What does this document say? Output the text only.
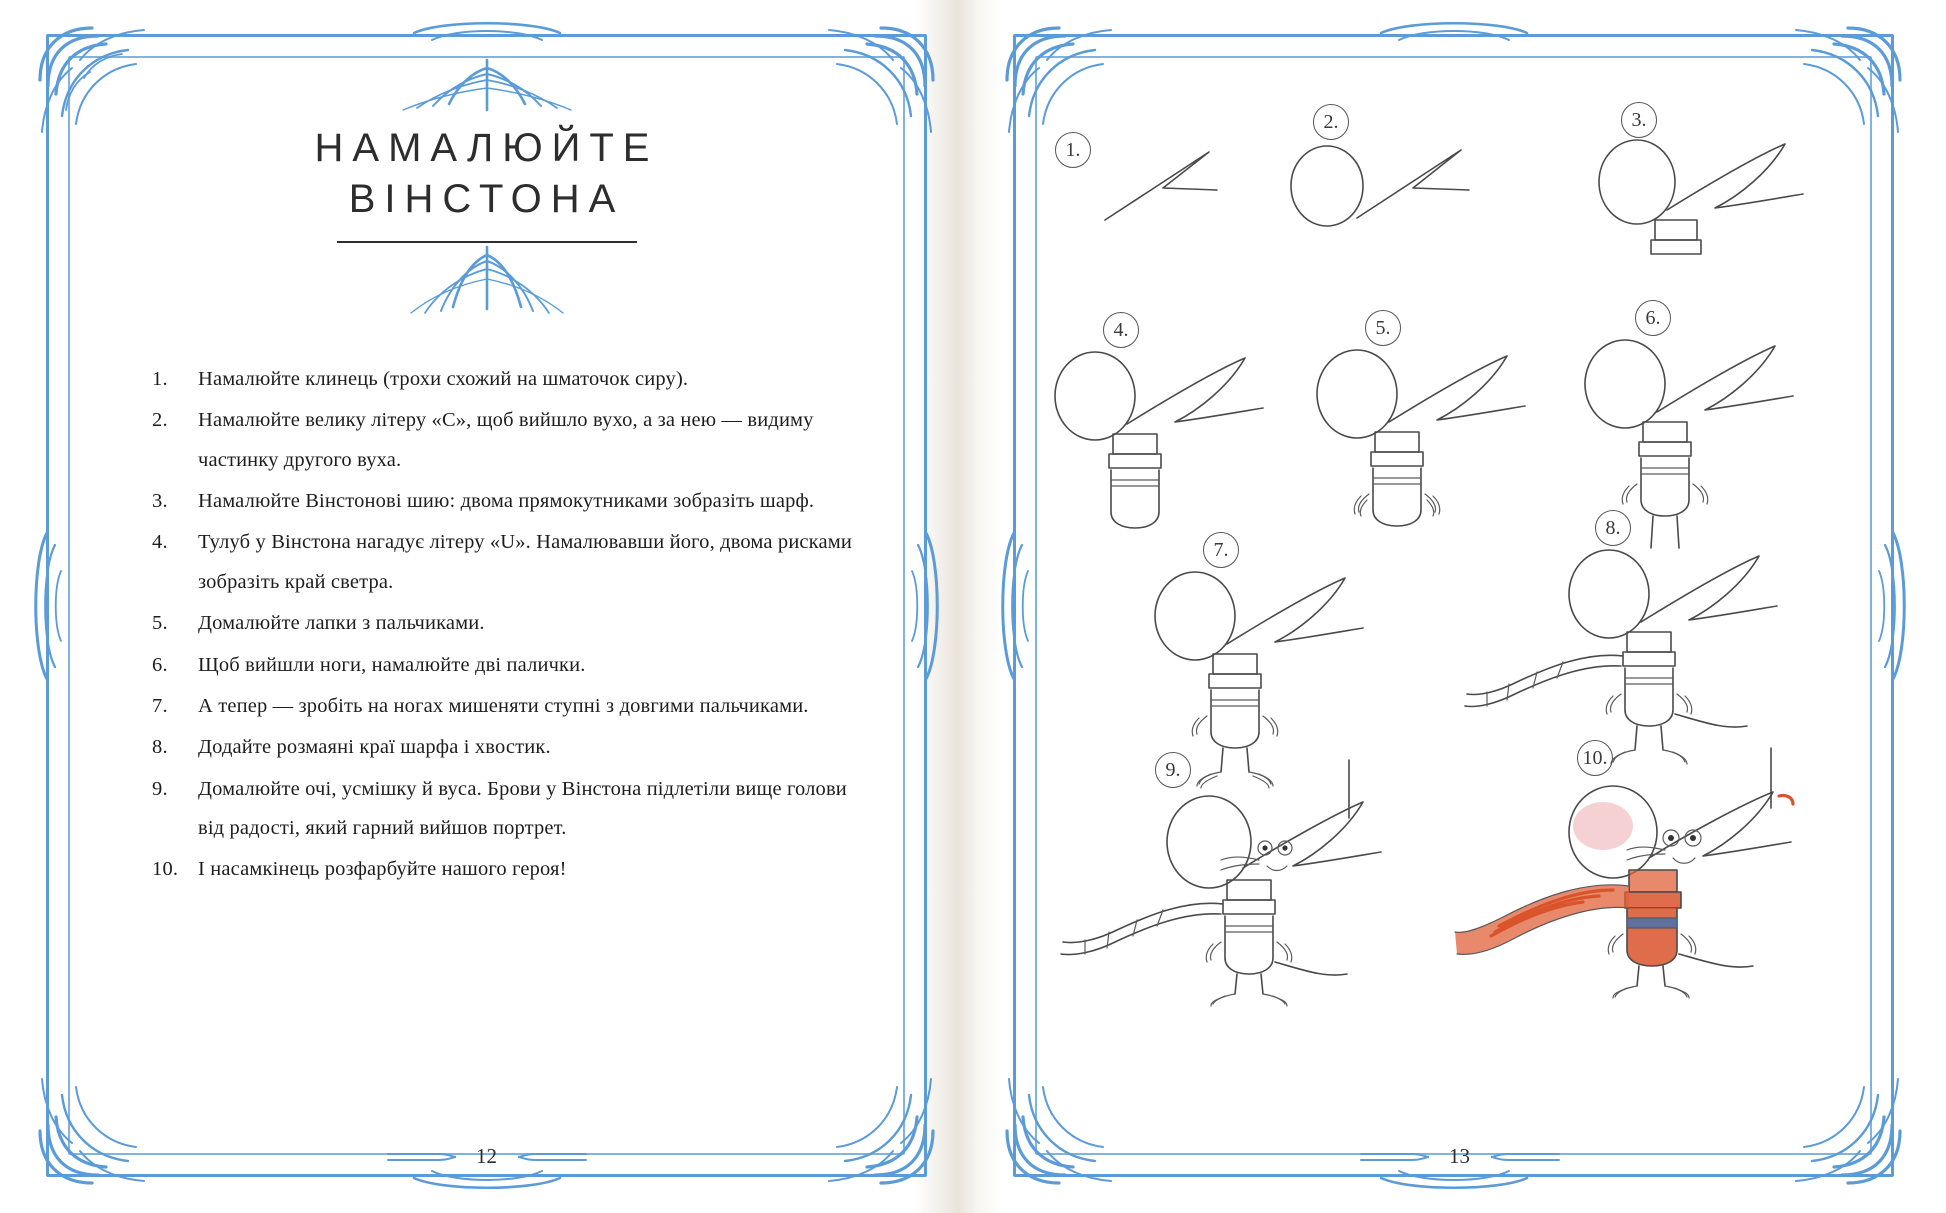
НАМАЛЮЙТЕ
ВІНСТОНА
1.	Намалюйте клинець (трохи схожий на шматочок сиру).
2.	Намалюйте велику літеру «C», щоб вийшло вухо, а за нею — видиму частинку другого вуха.
3.	Намалюйте Вінстонові шию: двома прямокутниками зобразіть шарф.
4.	Тулуб у Вінстона нагадує літеру «U». Намалювавши його, двома рисками зобразіть край светра.
5.	Домалюйте лапки з пальчиками.
6.	Щоб вийшли ноги, намалюйте дві палички.
7.	А тепер — зробіть на ногах мишеняти ступні з довгими пальчиками.
8.	Додайте розмаяні краї шарфа і хвостик.
9.	Домалюйте очі, усмішку й вуса. Брови у Вінстона підлетіли вище голови від радості, який гарний вийшов портрет.
10. І насамкінець розфарбуйте нашого героя!
12
1.
2.	3.
4.	5.	6.
7.
8.
9.
10.
13
